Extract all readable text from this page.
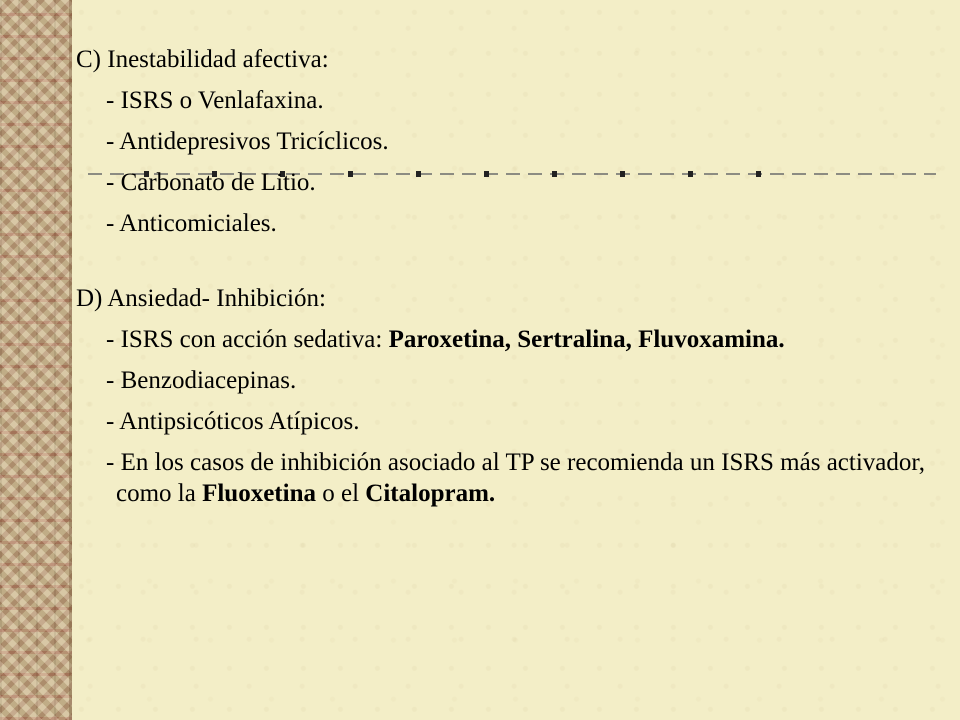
C) Inestabilidad afectiva:

- ISRS o Venlafaxina.

- Antidepresivos Tricíclicos.

- Carbonato de Litio.

- Anticomiciales.

D) Ansiedad- Inhibición:

- ISRS con acción sedativa: Paroxetina, Sertralina, Fluvoxamina.

- Benzodiacepinas.

- Antipsicóticos Atípicos.

- En los casos de inhibición asociado al TP se recomienda un ISRS más activador, como la Fluoxetina o el Citalopram.
